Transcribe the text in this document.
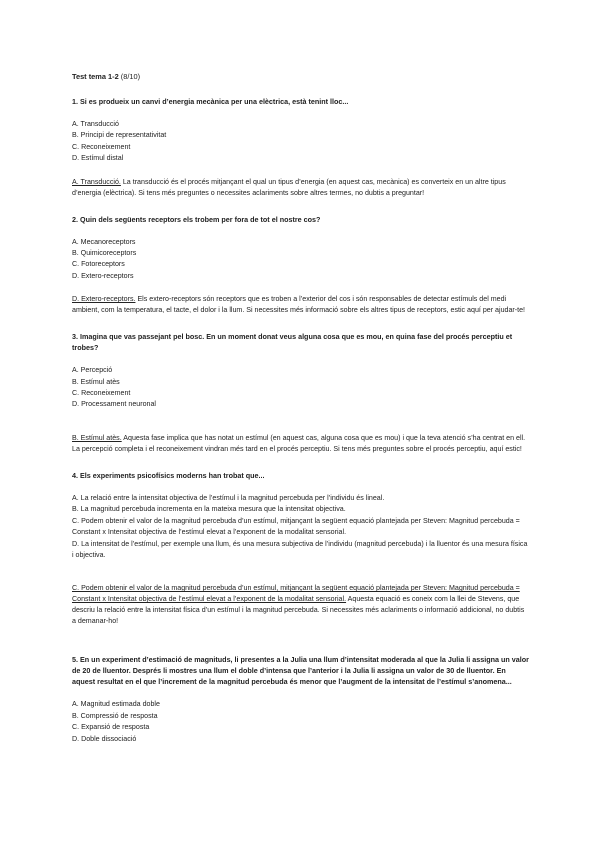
Test tema 1-2 (8/10)
1. Si es produeix un canvi d’energia mecànica per una elèctrica, està tenint lloc...
A. Transducció
B. Principi de representativitat
C. Reconeixement
D. Estímul distal
A. Transducció. La transducció és el procés mitjançant el qual un tipus d’energia (en aquest cas, mecànica) es converteix en un altre tipus d’energia (elèctrica). Si tens més preguntes o necessites aclariments sobre altres termes, no dubtis a preguntar!
2. Quin dels següents receptors els trobem per fora de tot el nostre cos?
A. Mecanoreceptors
B. Quimicoreceptors
C. Fotoreceptors
D. Extero-receptors
D. Extero-receptors. Els extero-receptors són receptors que es troben a l’exterior del cos i són responsables de detectar estímuls del medi ambient, com la temperatura, el tacte, el dolor i la llum. Si necessites més informació sobre els altres tipus de receptors, estic aquí per ajudar-te!
3. Imagina que vas passejant pel bosc. En un moment donat veus alguna cosa que es mou, en quina fase del procés perceptiu et trobes?
A. Percepció
B. Estímul atès
C. Reconeixement
D. Processament neuronal
B. Estímul atès. Aquesta fase implica que has notat un estímul (en aquest cas, alguna cosa que es mou) i que la teva atenció s’ha centrat en ell. La percepció completa i el reconeixement vindran més tard en el procés perceptiu. Si tens més preguntes sobre el procés perceptiu, aquí estic!
4. Els experiments psicofísics moderns han trobat que...
A. La relació entre la intensitat objectiva de l’estímul i la magnitud percebuda per l’individu és lineal.
B. La magnitud percebuda incrementa en la mateixa mesura que la intensitat objectiva.
C. Podem obtenir el valor de la magnitud percebuda d’un estímul, mitjançant la següent equació plantejada per Steven: Magnitud percebuda = Constant x Intensitat objectiva de l’estímul elevat a l’exponent de la modalitat sensorial.
D. La intensitat de l’estímul, per exemple una llum, és una mesura subjectiva de l’individu (magnitud percebuda) i la lluentor és una mesura física i objectiva.
C. Podem obtenir el valor de la magnitud percebuda d’un estímul, mitjançant la següent equació plantejada per Steven: Magnitud percebuda = Constant x Intensitat objectiva de l’estímul elevat a l’exponent de la modalitat sensorial. Aquesta equació es coneix com la llei de Stevens, que descriu la relació entre la intensitat física d’un estímul i la magnitud percebuda. Si necessites més aclariments o informació addicional, no dubtis a demanar-ho!
5. En un experiment d’estimació de magnituds, li presentes a la Julia una llum d’intensitat moderada al que la Julia li assigna un valor de 20 de lluentor. Després li mostres una llum el doble d’intensa que l’anterior i la Julia li assigna un valor de 30 de lluentor. En aquest resultat en el que l’increment de la magnitud percebuda és menor que l’augment de la intensitat de l’estímul s’anomena...
A. Magnitud estimada doble
B. Compressió de resposta
C. Expansió de resposta
D. Doble dissociació
